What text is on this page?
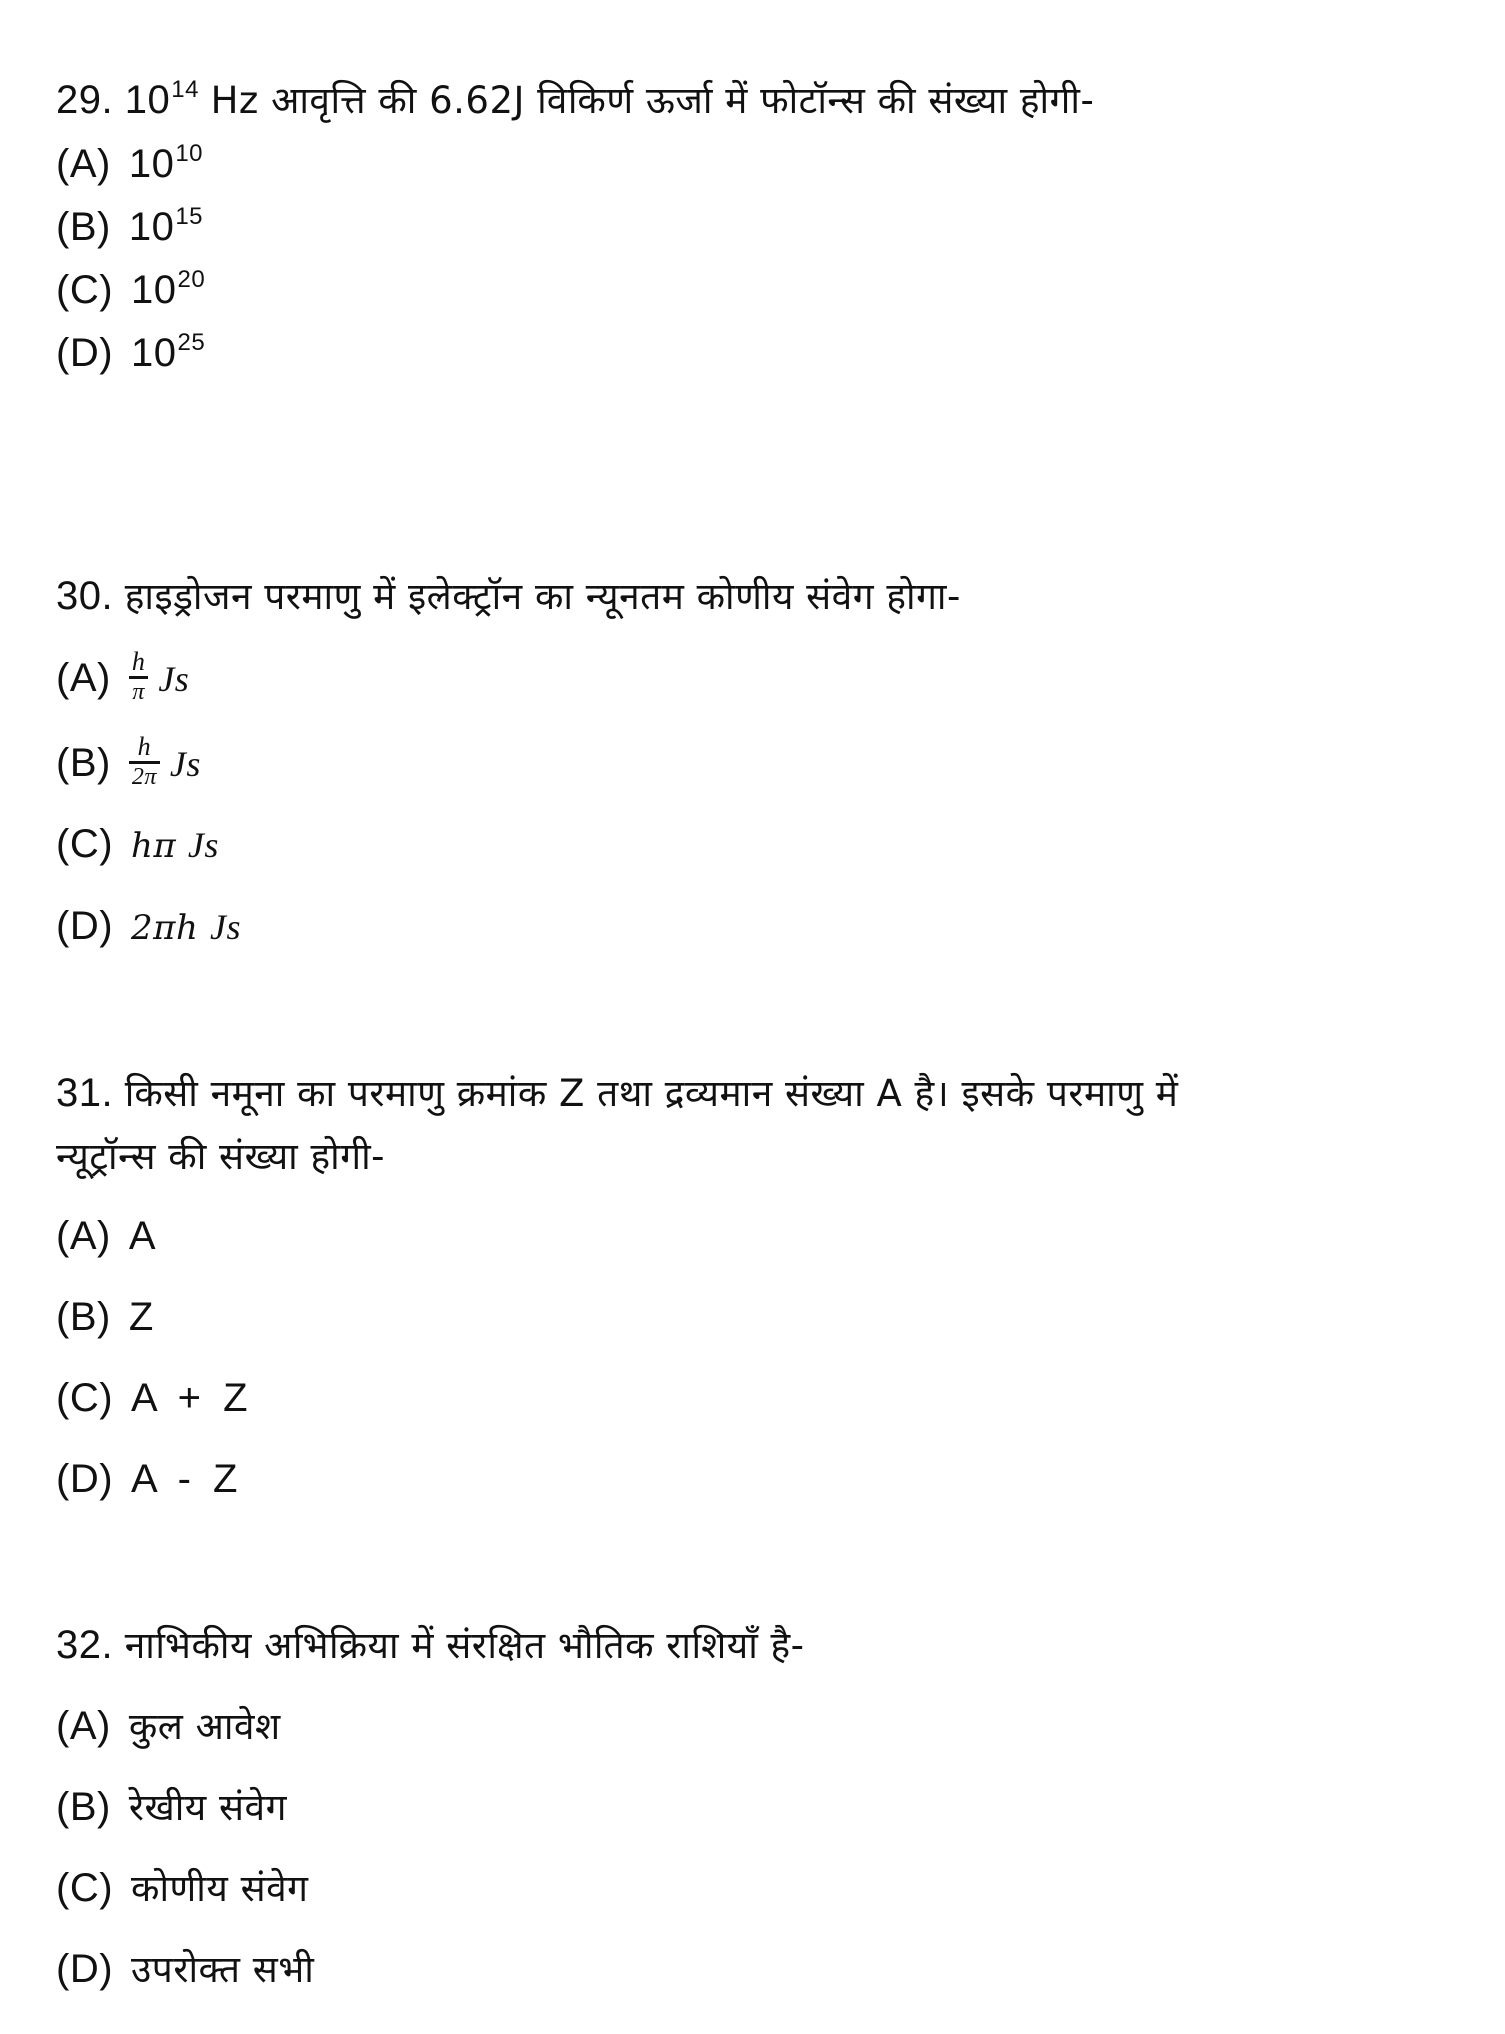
29. $10^{14}$ Hz आवृत्ति की 6.62J विकिर्ण ऊर्जा में फोटॉन्स की संख्या होगी-
(A) $10^{10}$
(B) $10^{15}$
(C) $10^{20}$
(D) $10^{25}$
30. हाइड्रोजन परमाणु में इलेक्ट्रॉन का न्यूनतम कोणीय संवेग होगा-
$(A) \frac{h}{\pi}$ Js
$(B) \frac{h}{2\pi}$ Js
(C) hπ Js
(D) 2πh Js
31. किसी नमूना का परमाणु क्रमांक Z तथा द्रव्यमान संख्या A है। इसके परमाणु में
न्यूट्रॉन्स की संख्या होगी-
(A) A
(B) Z
(C) A + Z
(D) A - Z
32. नाभिकीय अभिक्रिया में संरक्षित भौतिक राशियाँ है-
(A) कुल आवेश
(B) रेखीय संवेग
(C) कोणीय संवेग
(D) उपरोक्त सभी
